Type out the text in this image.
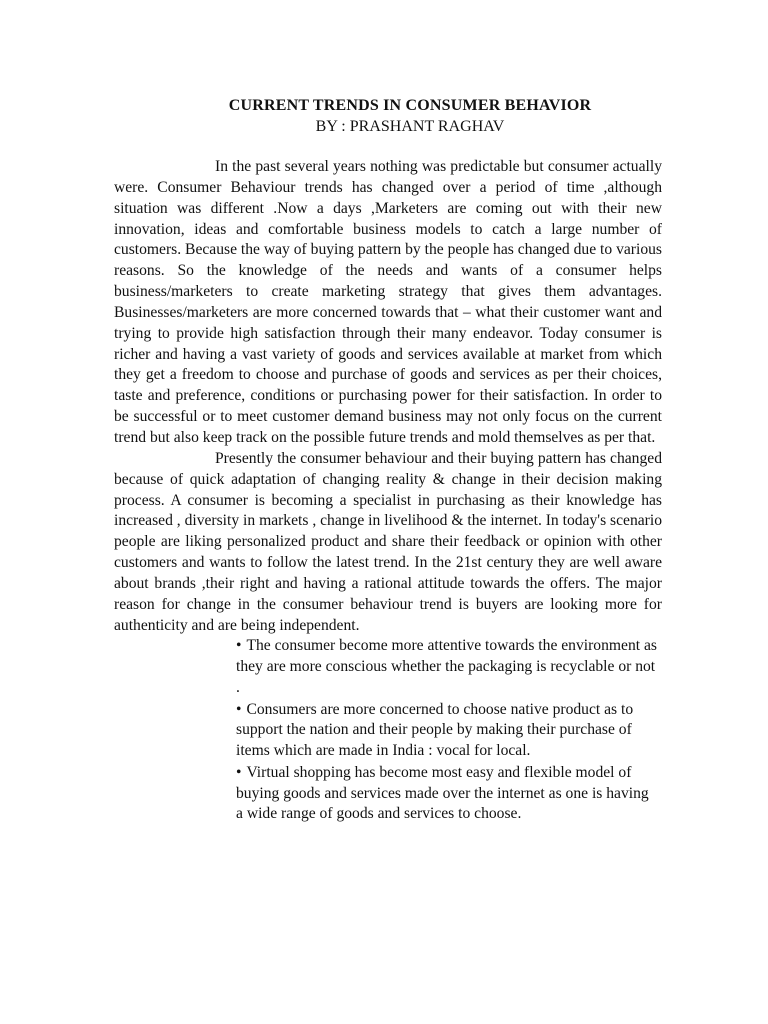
CURRENT TRENDS IN CONSUMER BEHAVIOR

BY : PRASHANT RAGHAV

In the past several years nothing was predictable but consumer actually were. Consumer Behaviour trends has changed over a period of time ,although situation was different .Now a days ,Marketers are coming out with their new innovation, ideas and comfortable business models to catch a large number of customers. Because the way of buying pattern by the people has changed due to various reasons. So the knowledge of the needs and wants of a consumer helps business/marketers to create marketing strategy that gives them advantages. Businesses/marketers are more concerned towards that – what their customer want and trying to provide high satisfaction through their many endeavor. Today consumer is richer and having a vast variety of goods and services available at market from which they get a freedom to choose and purchase of goods and services as per their choices, taste and preference, conditions or purchasing power for their satisfaction. In order to be successful or to meet customer demand business may not only focus on the current trend but also keep track on the possible future trends and mold themselves as per that.

Presently the consumer behaviour and their buying pattern has changed because of quick adaptation of changing reality & change in their decision making process. A consumer is becoming a specialist in purchasing as their knowledge has increased , diversity in markets , change in livelihood & the internet. In today's scenario people are liking personalized product and share their feedback or opinion with other customers and wants to follow the latest trend. In the 21st century they are well aware about brands ,their right and having a rational attitude towards the offers. The major reason for change in the consumer behaviour trend is buyers are looking more for authenticity and are being independent.

• The consumer become more attentive towards the environment as they are more conscious whether the packaging is recyclable or not .
• Consumers are more concerned to choose native product as to support the nation and their people by making their purchase of items which are made in India : vocal for local.
• Virtual shopping has become most easy and flexible model of buying goods and services made over the internet as one is having a wide range of goods and services to choose.
